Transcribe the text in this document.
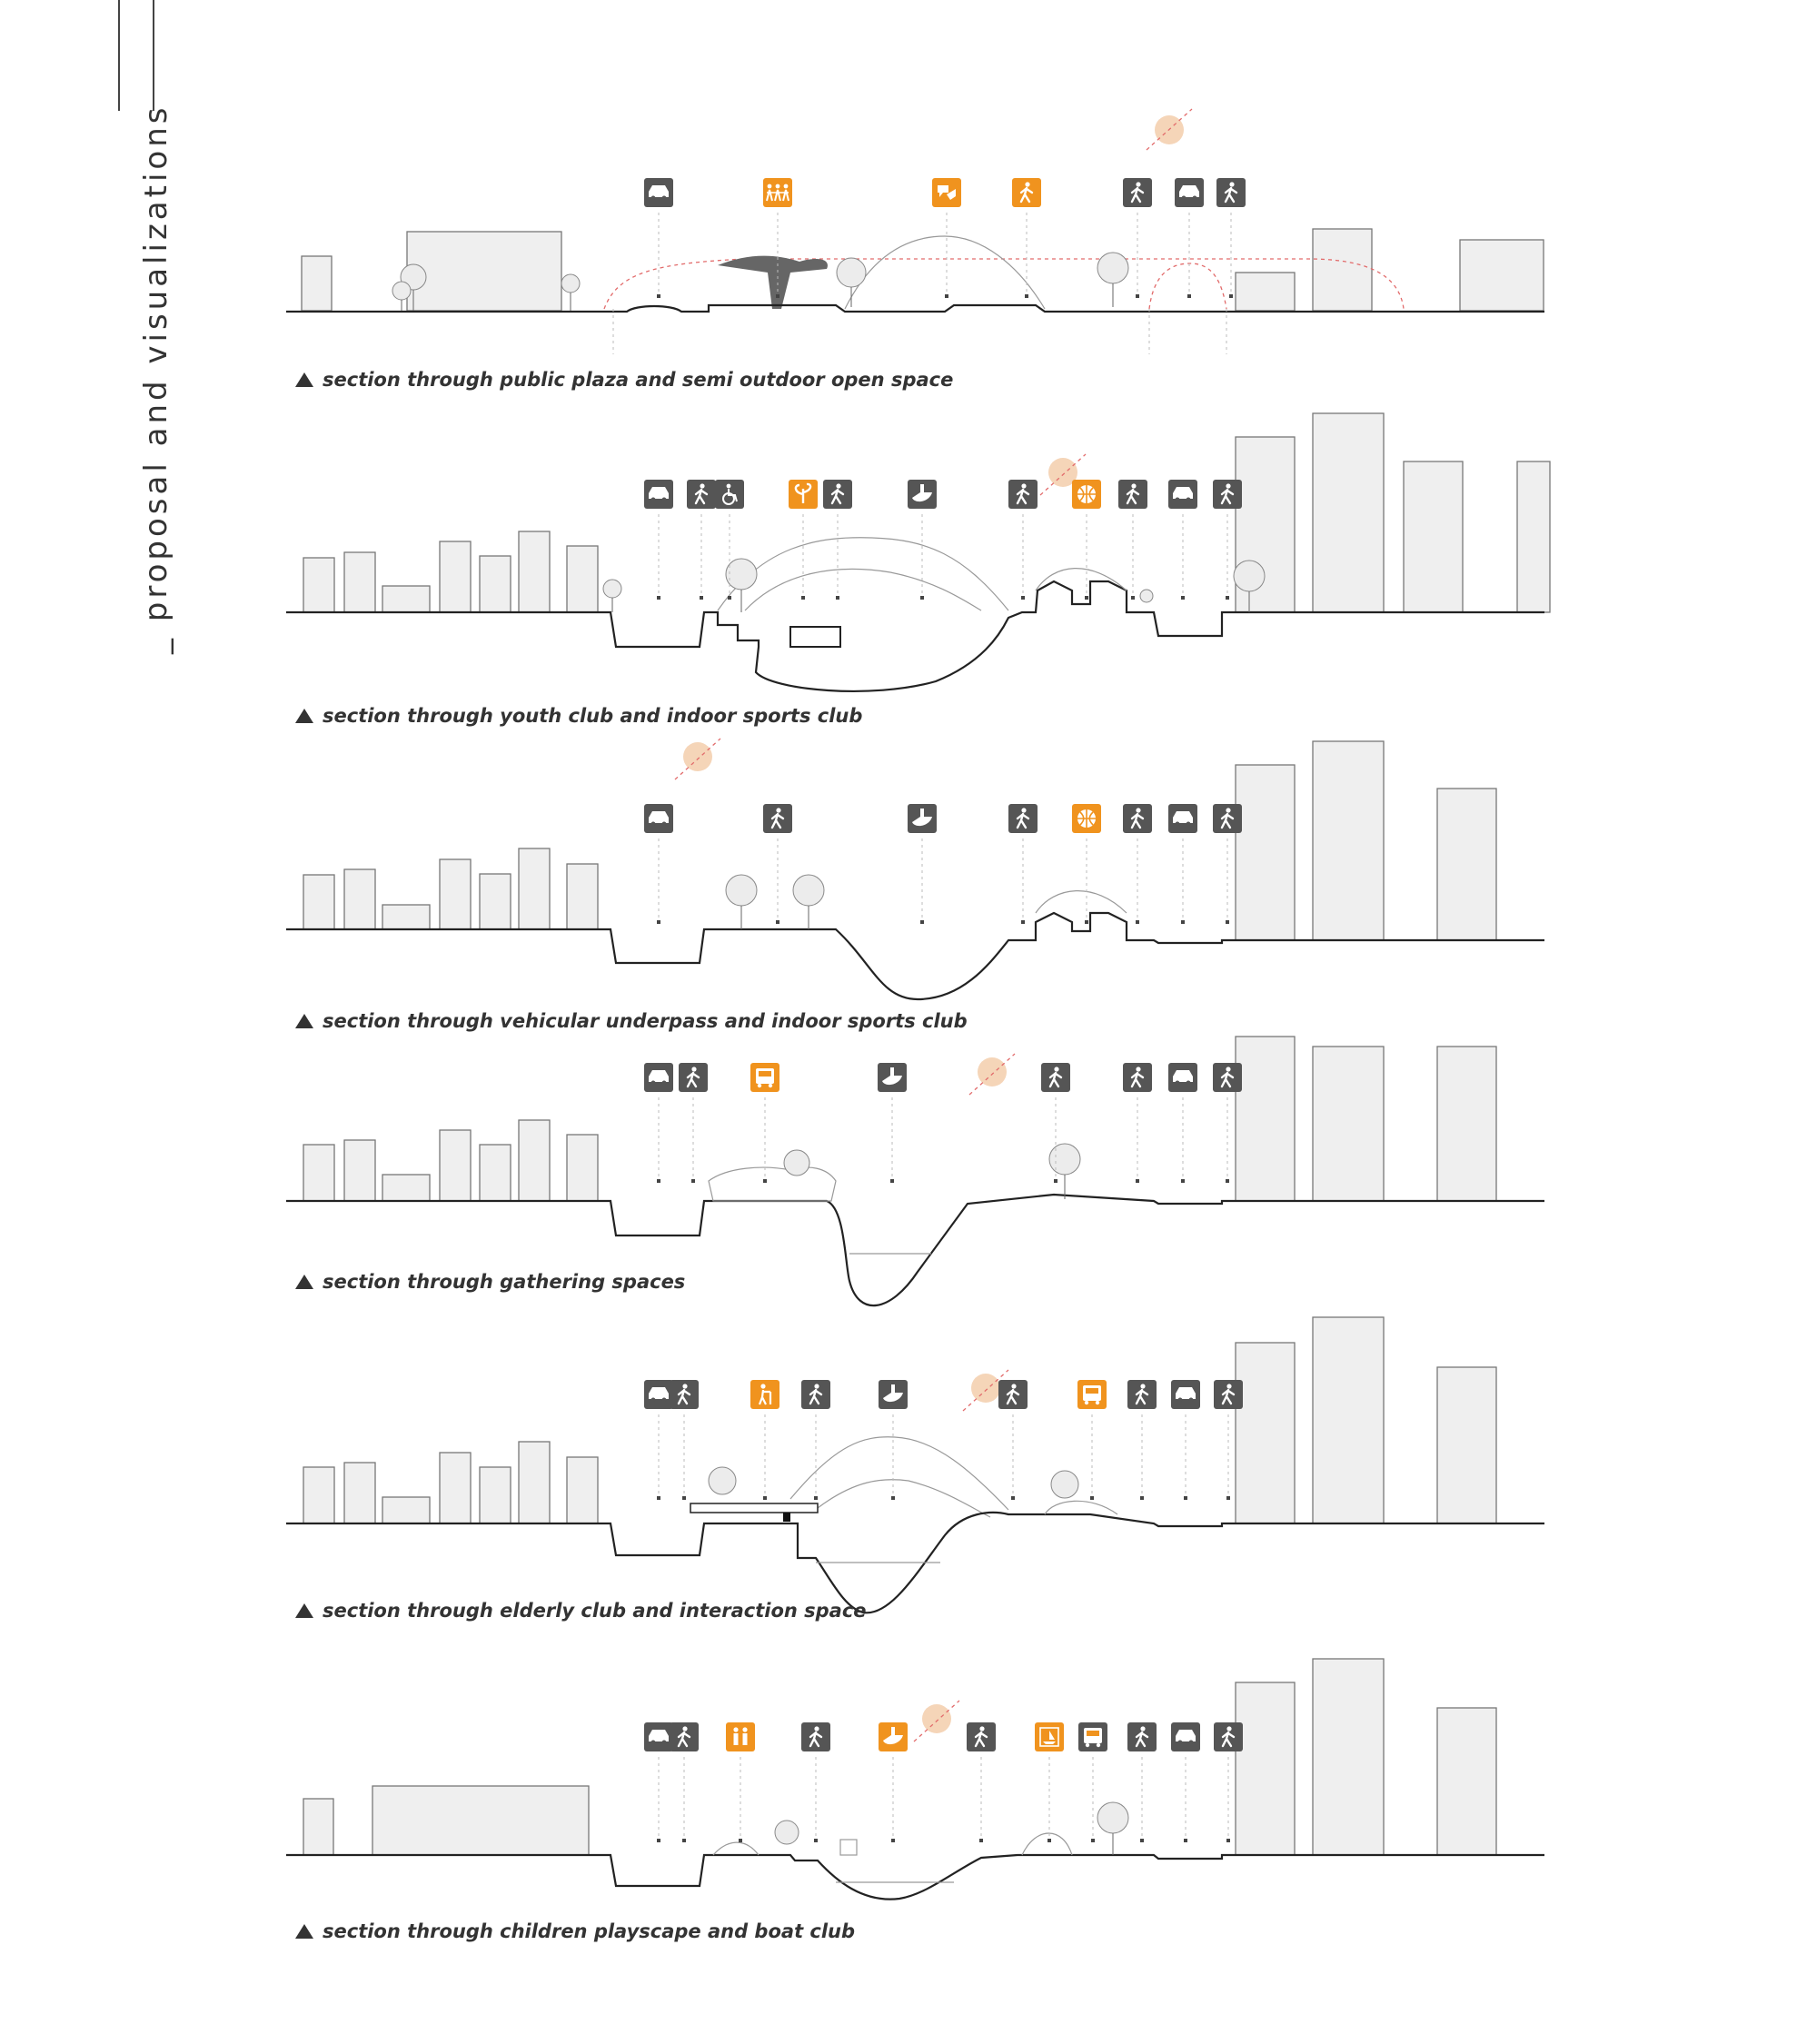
_ proposal and visualizations	section through public plaza and semi outdoor open space
section through youth club and indoor sports club
section through vehicular underpass and indoor sports club
section through gathering spaces
section through elderly club and interaction space
section through children playscape and boat club
